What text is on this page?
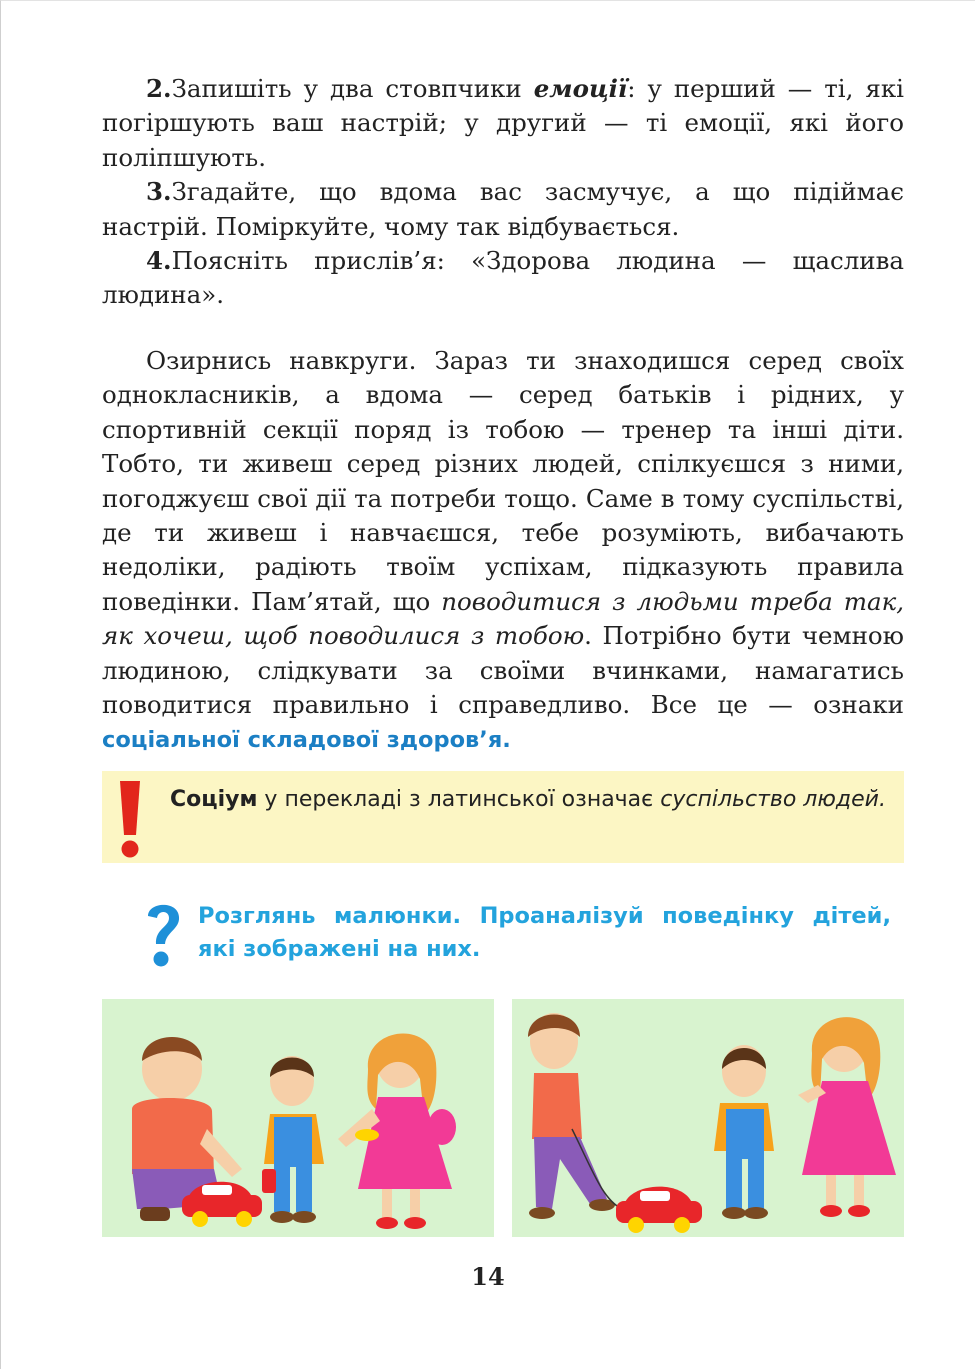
2.Запишіть у два стовпчики емоції: у перший — ті, які погіршують ваш настрій; у другий — ті емоції, які його поліпшують.

3.Згадайте, що вдома вас засмучує, а що підіймає настрій. Поміркуйте, чому так відбувається.

4.Поясніть прислів’я: «Здорова людина — щаслива людина».

Озирнись навкруги. Зараз ти знаходишся серед своїх однокласників, а вдома — серед батьків і рідних, у спортивній секції поряд із тобою — тренер та інші діти. Тобто, ти живеш серед різних людей, спілкуєшся з ними, погоджуєш свої дії та потреби тощо. Саме в тому суспільстві, де ти живеш і навчаєшся, тебе розуміють, вибачають недоліки, радіють твоїм успіхам, підказують правила поведінки. Пам’ятай, що поводитися з людьми треба так, як хочеш, щоб поводилися з тобою. Потрібно бути чемною людиною, слідкувати за своїми вчинками, намагатись поводитися правильно і справедливо. Все це — ознаки соціальної складової здоров’я.
Соціум у перекладі з латинської означає суспільство людей.
Розглянь малюнки. Проаналізуй поведінку дітей, які зображені на них.
14
